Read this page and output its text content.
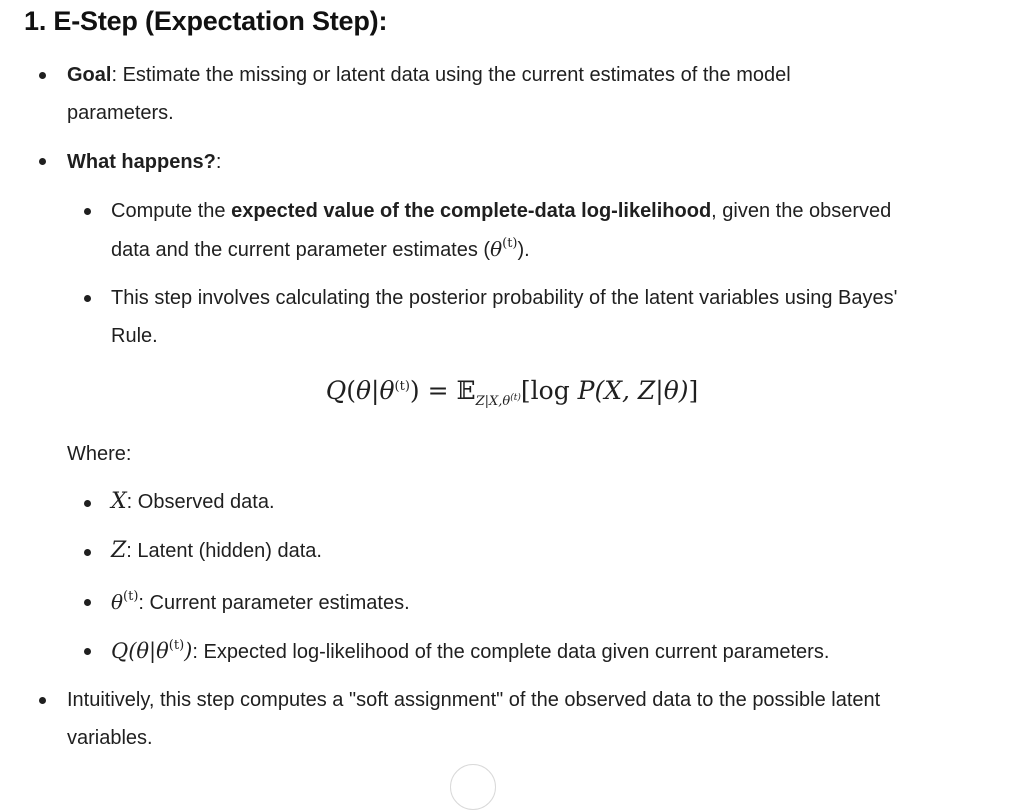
1. E-Step (Expectation Step):
Goal: Estimate the missing or latent data using the current estimates of the model
parameters.
What happens?:
Compute the expected value of the complete-data log-likelihood, given the observed
data and the current parameter estimates $(\theta^{(t)})$.
This step involves calculating the posterior probability of the latent variables using Bayes'
Rule.
$Q(\theta|\theta^{(t)})$ = 𝔼$_{Z|X,\theta^{(t)}}$[log P(X, Z|θ)]
Where:
X: Observed data.
Z: Latent (hidden) data.
$\theta^{(t)}$: Current parameter estimates.
$Q(\theta|\theta^{(t)})$: Expected log-likelihood of the complete data given current parameters.
Intuitively, this step computes a "soft assignment" of the observed data to the possible latent
variables.
